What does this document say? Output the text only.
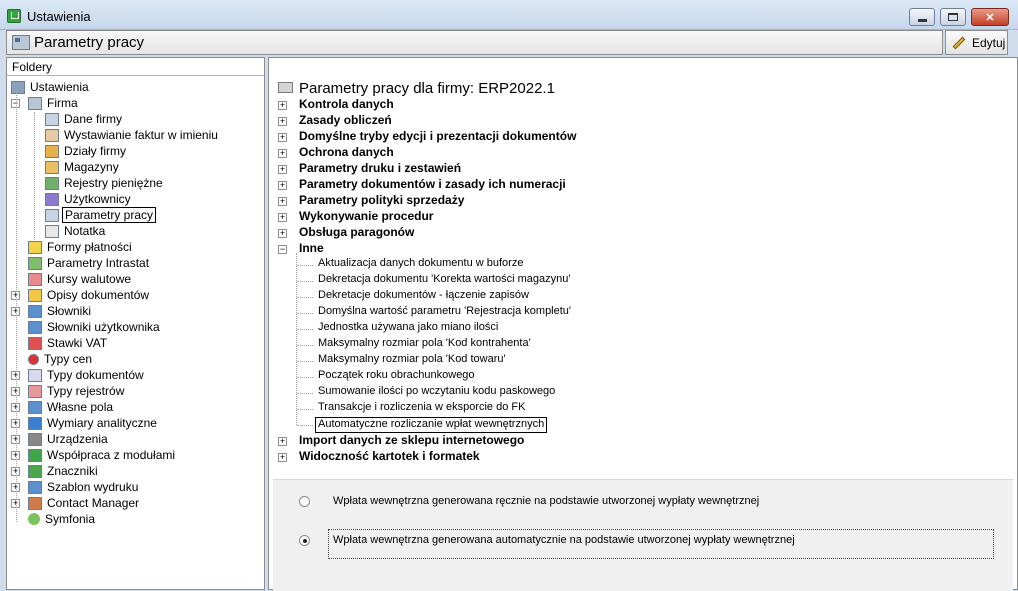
Ustawienia	✕
Parametry pracy	Edytuj
Foldery
Ustawienia
Firma
−
Dane firmy
Wystawianie faktur w imieniu
Działy firmy
Magazyny
Rejestry pieniężne
Użytkownicy
Parametry pracy
Notatka
Formy płatności
Parametry Intrastat
Kursy walutowe
Opisy dokumentów
+
Słowniki
+
Słowniki użytkownika
Stawki VAT
Typy cen
Typy dokumentów
+
Typy rejestrów
+
Własne pola
+
Wymiary analityczne
+
Urządzenia
+
Współpraca z modułami
+
Znaczniki
+
Szablon wydruku
+
Contact Manager
+
Symfonia
Parametry pracy dla firmy: ERP2022.1
+ Kontrola danych
+ Zasady obliczeń
+ Domyślne tryby edycji i prezentacji dokumentów
+ Ochrona danych
+ Parametry druku i zestawień
+ Parametry dokumentów i zasady ich numeracji
+ Parametry polityki sprzedaży
+ Wykonywanie procedur
+ Obsługa paragonów
− Inne
Aktualizacja danych dokumentu w buforze
Dekretacja dokumentu 'Korekta wartości magazynu'
Dekretacje dokumentów - łączenie zapisów
Domyślna wartość parametru 'Rejestracja kompletu'
Jednostka używana jako miano ilości
Maksymalny rozmiar pola 'Kod kontrahenta'
Maksymalny rozmiar pola 'Kod towaru'
Początek roku obrachunkowego
Sumowanie ilości po wczytaniu kodu paskowego
Transakcje i rozliczenia w eksporcie do FK
Automatyczne rozliczanie wpłat wewnętrznych
+ Import danych ze sklepu internetowego
+ Widoczność kartotek i formatek
Wpłata wewnętrzna generowana ręcznie na podstawie utworzonej wypłaty wewnętrznej
Wpłata wewnętrzna generowana automatycznie na podstawie utworzonej wypłaty wewnętrznej
